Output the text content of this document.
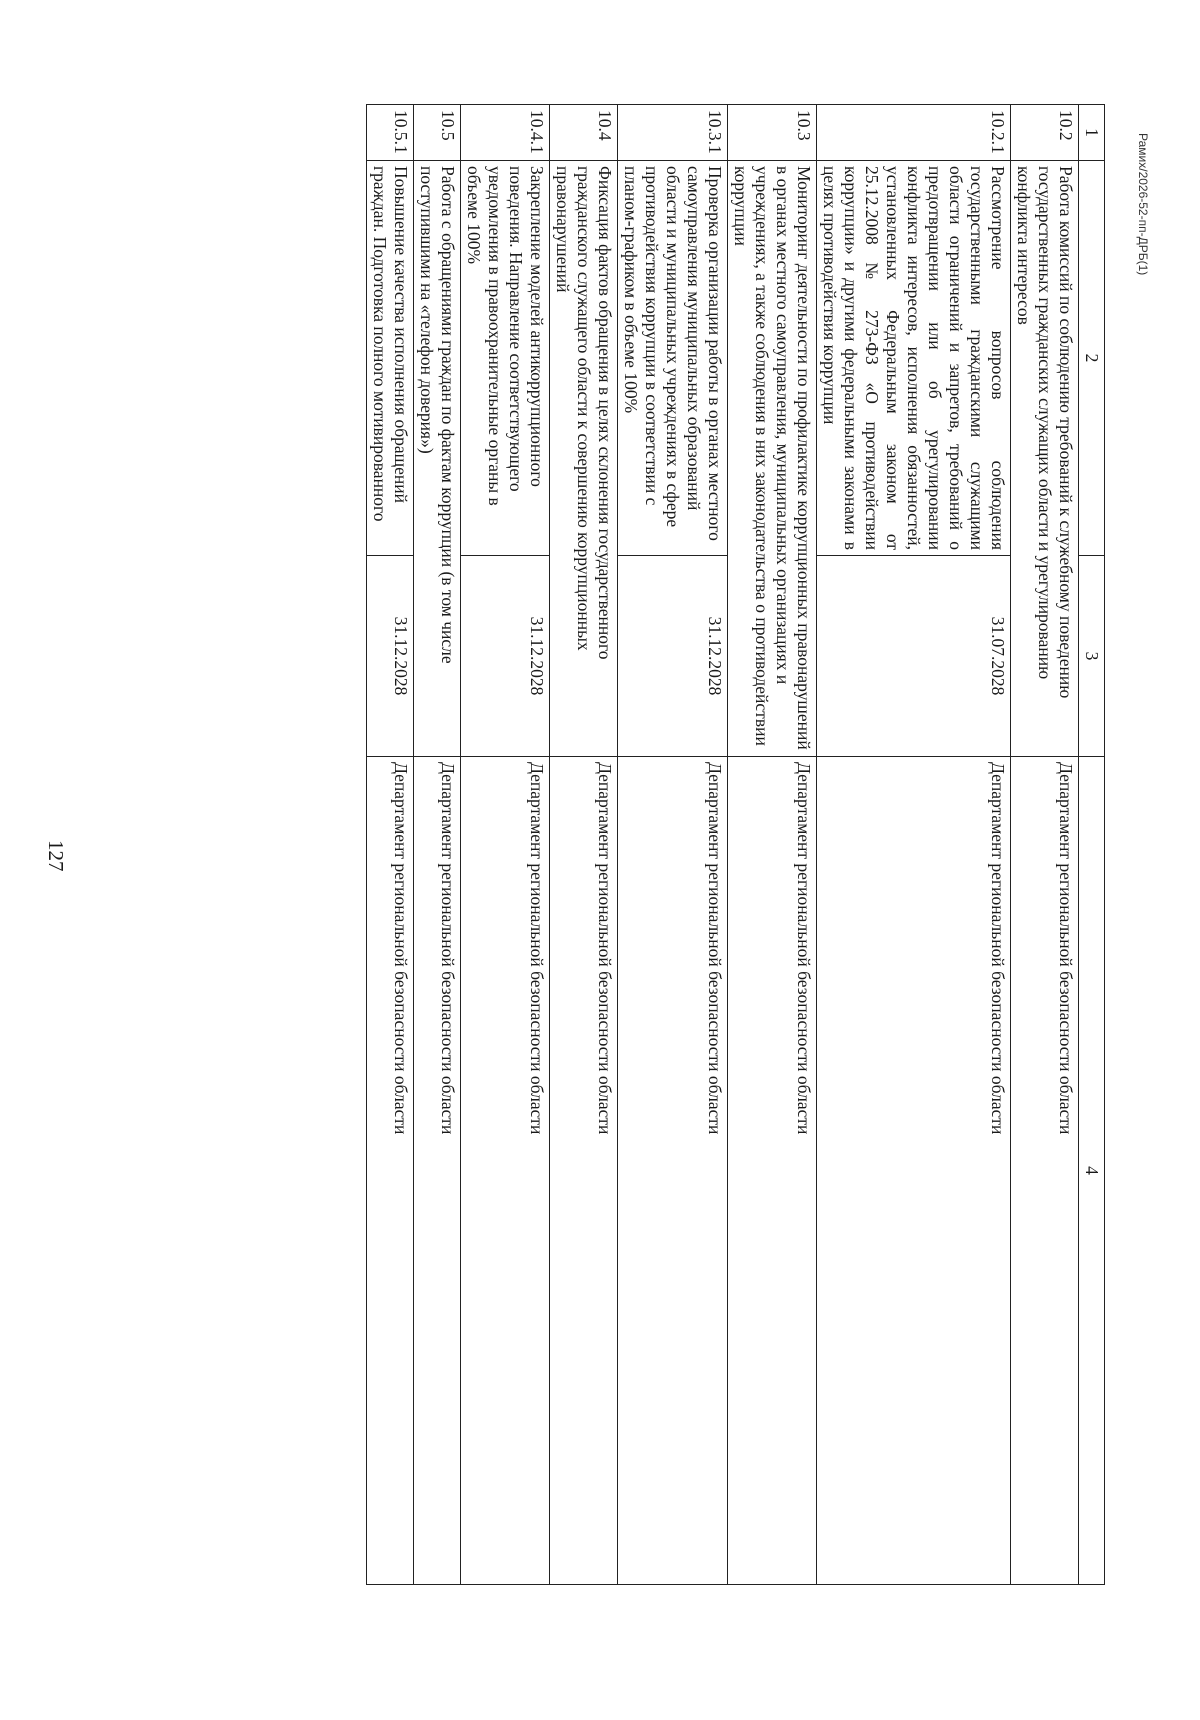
127
1	2	3	4
10.2	Работа комиссий по соблюдению требований к служебному поведению государственных гражданских служащих области и урегулированию конфликта интересов		Департамент региональной безопасности области
10.2.1	Рассмотрение вопросов соблюдения государственными гражданскими служащими области ограничений и запретов, требований о предотвращении или об урегулировании конфликта интересов, исполнения обязанностей, установленных Федеральным законом от 25.12.2008 № 273-ФЗ «О противодействии коррупции» и другими федеральными законами в целях противодействия коррупции	31.07.2028	Департамент региональной безопасности области
10.3	Мониторинг деятельности по профилактике коррупционных правонарушений в органах местного самоуправления, муниципальных организациях и учреждениях, а также соблюдения в них законодательства о противодействии коррупции		Департамент региональной безопасности области
10.3.1	Проверка организации работы в органах местного самоуправления муниципальных образований области и муниципальных учреждениях в сфере противодействия коррупции в соответствии с планом-графиком в объеме 100%	31.12.2028	Департамент региональной безопасности области
10.4	Фиксация фактов обращения в целях склонения государственного гражданского служащего области к совершению коррупционных правонарушений		Департамент региональной безопасности области
10.4.1	Закрепление моделей антикоррупционного поведения. Направление соответствующего уведомления в правоохранительные органы в объеме 100%	31.12.2028	Департамент региональной безопасности области
10.5	Работа с обращениями граждан по фактам коррупции (в том числе поступившими на «телефон доверия»)		Департамент региональной безопасности области
10.5.1	Повышение качества исполнения обращений граждан. Подготовка полного мотивированного	31.12.2028	Департамент региональной безопасности области
Рамих/2026-52-пп-ДРБ(1)
